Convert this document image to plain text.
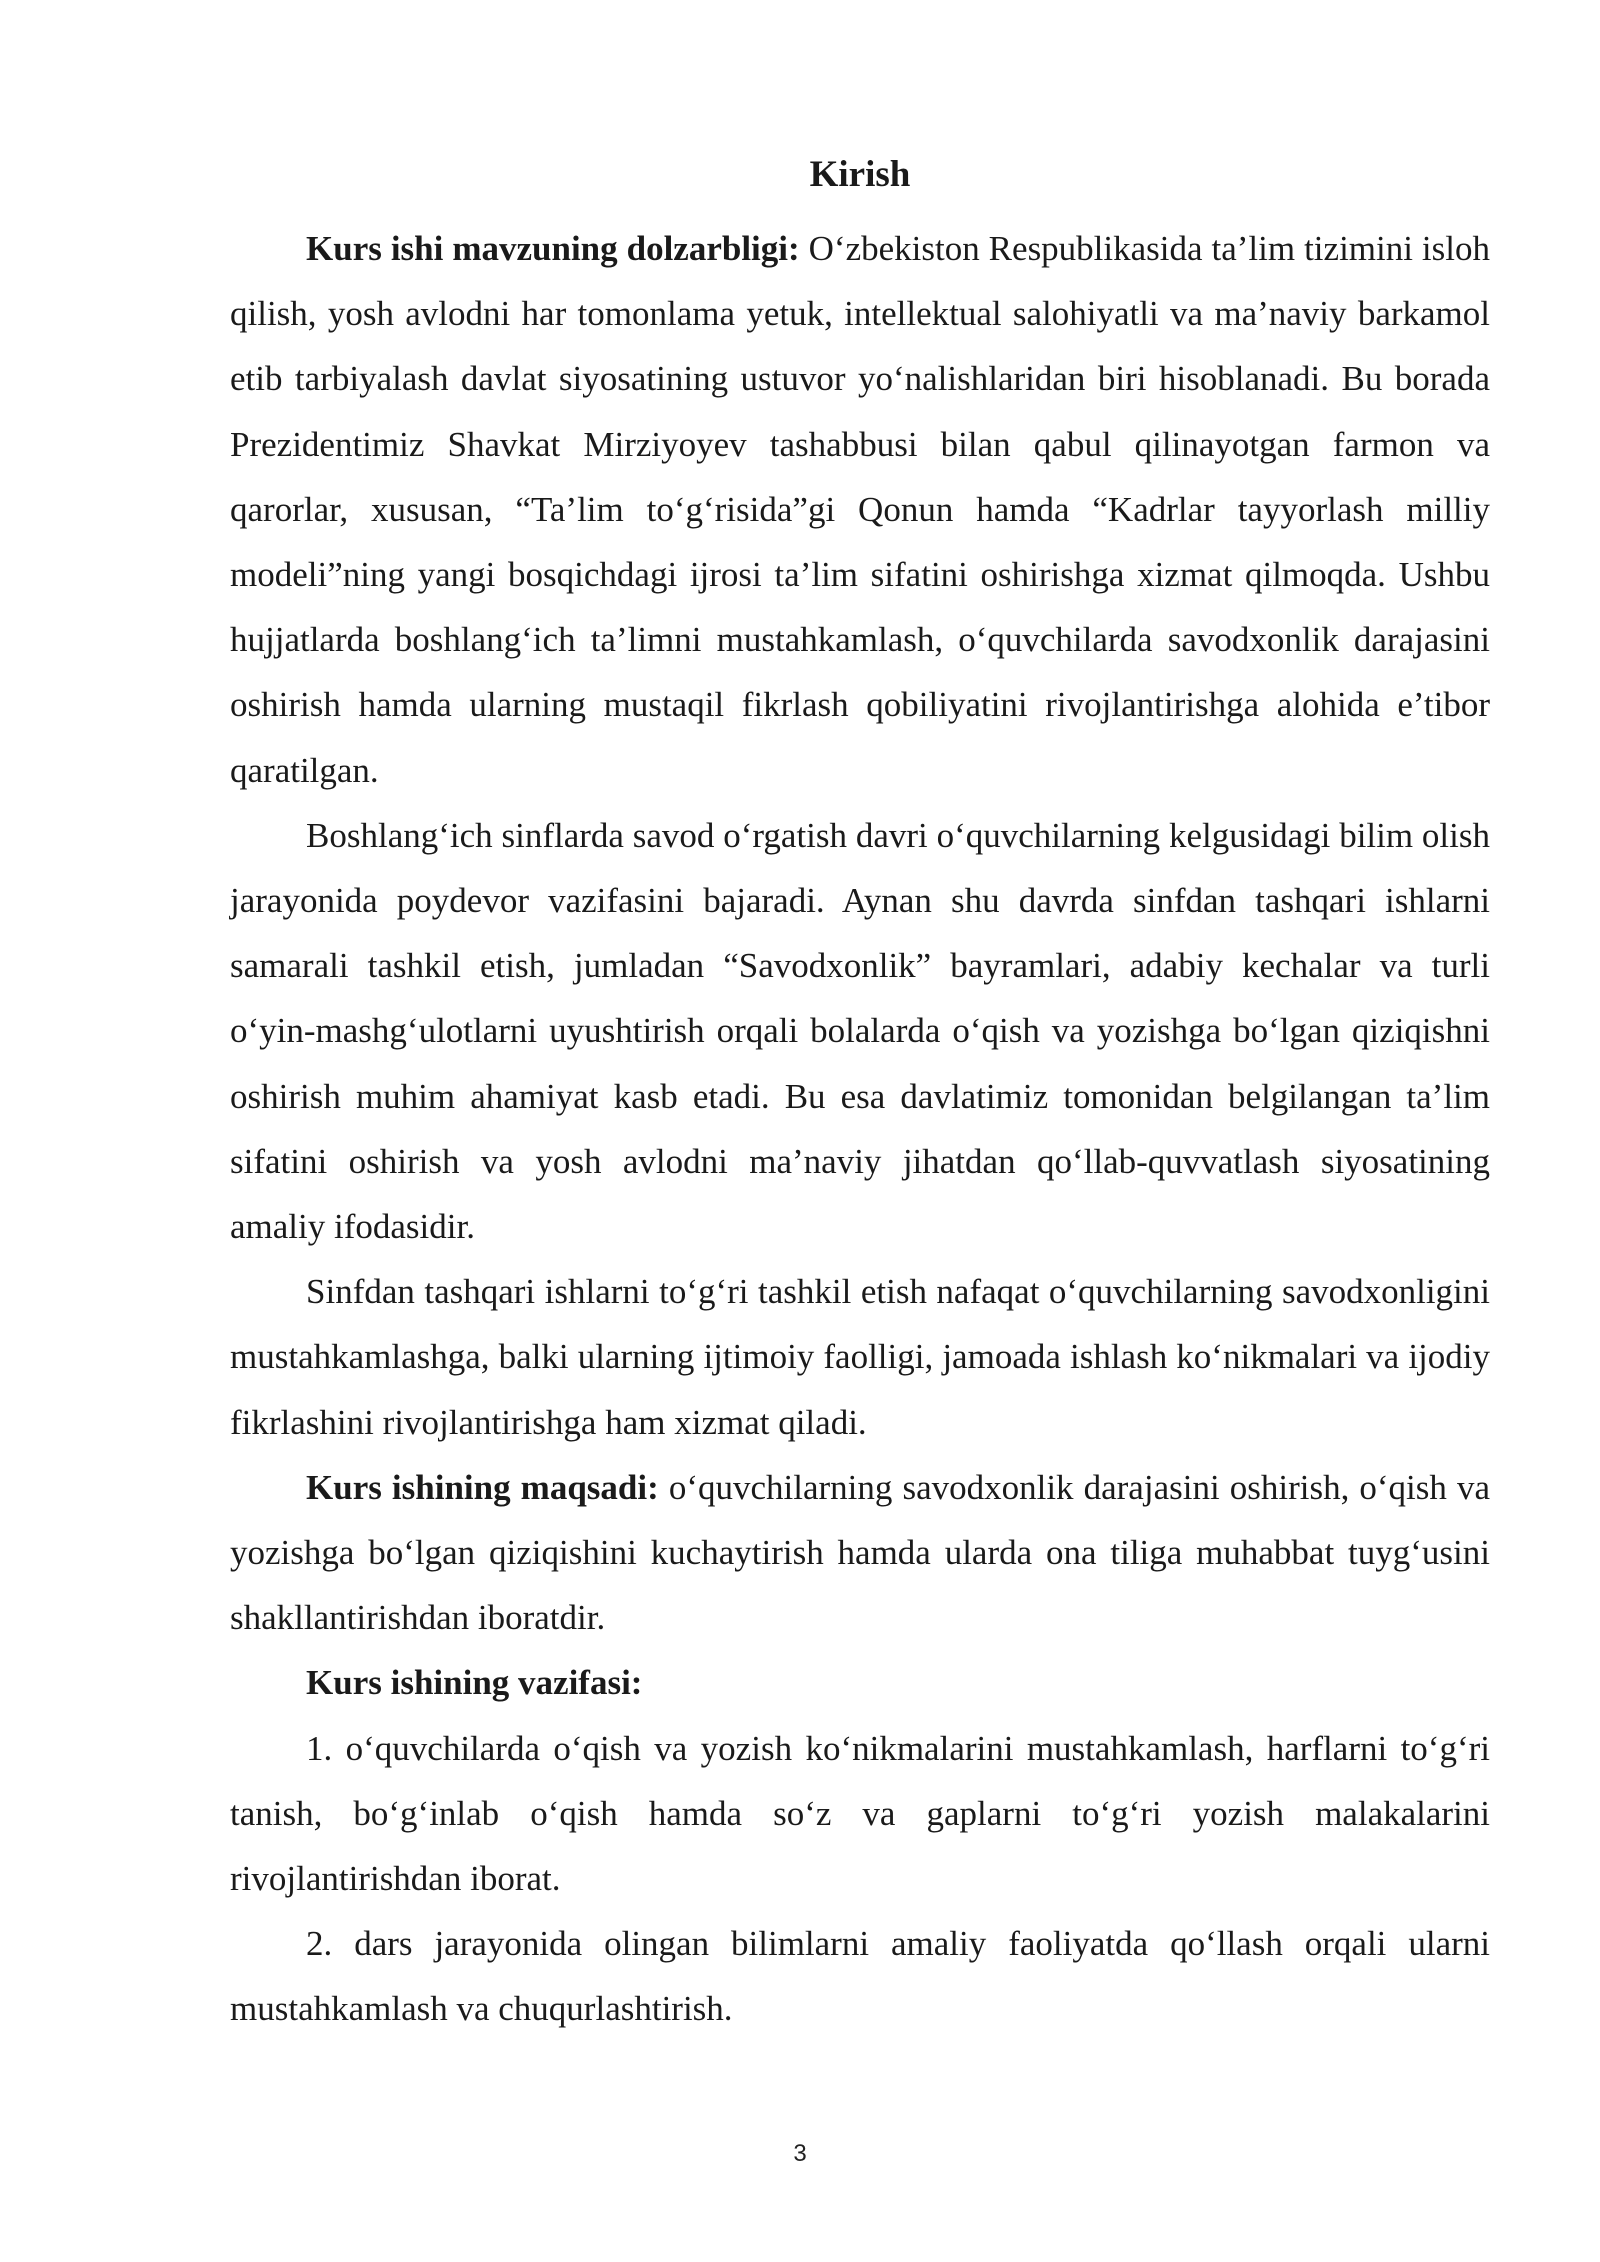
Kirish

Kurs ishi mavzuning dolzarbligi: O‘zbekiston Respublikasida ta’lim tizimini isloh qilish, yosh avlodni har tomonlama yetuk, intellektual salohiyatli va ma’naviy barkamol etib tarbiyalash davlat siyosatining ustuvor yo‘nalishlaridan biri hisoblanadi. Bu borada Prezidentimiz Shavkat Mirziyoyev tashabbusi bilan qabul qilinayotgan farmon va qarorlar, xususan, “Ta’lim to‘g‘risida”gi Qonun hamda “Kadrlar tayyorlash milliy modeli”ning yangi bosqichdagi ijrosi ta’lim sifatini oshirishga xizmat qilmoqda. Ushbu hujjatlarda boshlang‘ich ta’limni mustahkamlash, o‘quvchilarda savodxonlik darajasini oshirish hamda ularning mustaqil fikrlash qobiliyatini rivojlantirishga alohida e’tibor qaratilgan.

Boshlang‘ich sinflarda savod o‘rgatish davri o‘quvchilarning kelgusidagi bilim olish jarayonida poydevor vazifasini bajaradi. Aynan shu davrda sinfdan tashqari ishlarni samarali tashkil etish, jumladan “Savodxonlik” bayramlari, adabiy kechalar va turli o‘yin-mashg‘ulotlarni uyushtirish orqali bolalarda o‘qish va yozishga bo‘lgan qiziqishni oshirish muhim ahamiyat kasb etadi. Bu esa davlatimiz tomonidan belgilangan ta’lim sifatini oshirish va yosh avlodni ma’naviy jihatdan qo‘llab-quvvatlash siyosatining amaliy ifodasidir.

Sinfdan tashqari ishlarni to‘g‘ri tashkil etish nafaqat o‘quvchilarning savodxonligini mustahkamlashga, balki ularning ijtimoiy faolligi, jamoada ishlash ko‘nikmalari va ijodiy fikrlashini rivojlantirishga ham xizmat qiladi.

Kurs ishining maqsadi: o‘quvchilarning savodxonlik darajasini oshirish, o‘qish va yozishga bo‘lgan qiziqishini kuchaytirish hamda ularda ona tiliga muhabbat tuyg‘usini shakllantirishdan iboratdir.

Kurs ishining vazifasi:

1. o‘quvchilarda o‘qish va yozish ko‘nikmalarini mustahkamlash, harflarni to‘g‘ri tanish, bo‘g‘inlab o‘qish hamda so‘z va gaplarni to‘g‘ri yozish malakalarini rivojlantirishdan iborat.

2. dars jarayonida olingan bilimlarni amaliy faoliyatda qo‘llash orqali ularni mustahkamlash va chuqurlashtirish.

3
